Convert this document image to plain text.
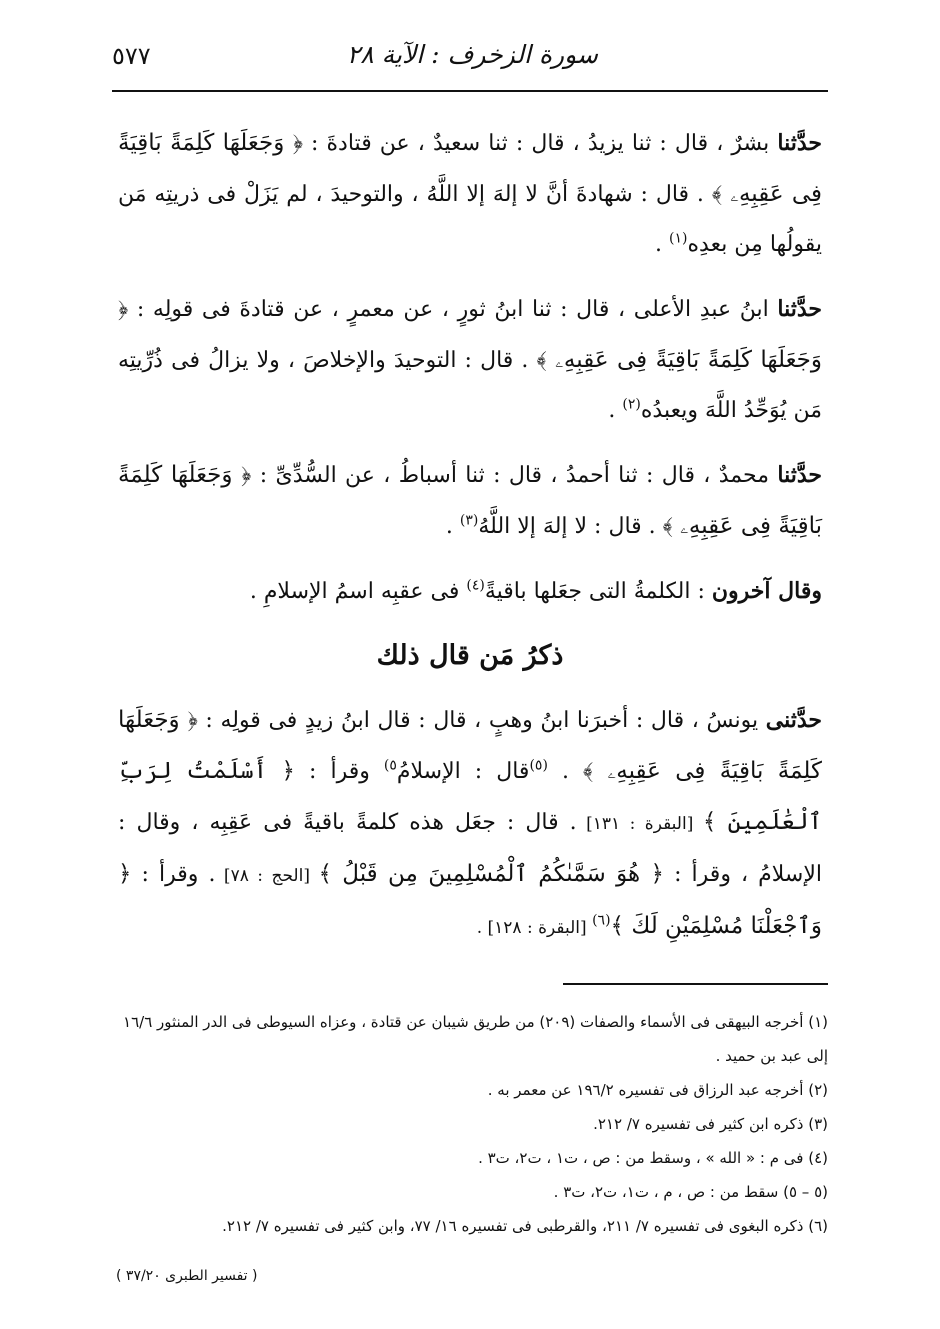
سورة الزخرف : الآية ٢٨
٥٧٧

حدَّثنا بشرٌ ، قال : ثنا يزيدُ ، قال : ثنا سعيدٌ ، عن قتادةَ : ﴿ وَجَعَلَهَا كَلِمَةً بَاقِيَةً فِى عَقِبِهِۦ ﴾ . قال : شهادةَ أنَّ لا إلهَ إلا اللَّهُ ، والتوحيدَ ، لم يَزَلْ فى ذريتِه مَن يقولُها مِن بعدِه$^{(١)}$ .

حدَّثنا ابنُ عبدِ الأعلى ، قال : ثنا ابنُ ثورٍ ، عن معمرٍ ، عن قتادةَ فى قولِه : ﴿ وَجَعَلَهَا كَلِمَةً بَاقِيَةً فِى عَقِبِهِۦ ﴾ . قال : التوحيدَ والإخلاصَ ، ولا يزالُ فى ذُرِّيتِه مَن يُوَحِّدُ اللَّهَ ويعبدُه$^{(٢)}$ .

حدَّثنا محمدٌ ، قال : ثنا أحمدُ ، قال : ثنا أسباطُ ، عن السُّدِّىِّ : ﴿ وَجَعَلَهَا كَلِمَةً بَاقِيَةً فِى عَقِبِهِۦ ﴾ . قال : لا إلهَ إلا اللَّهُ$^{(٣)}$ .

وقال آخرون : الكلمةُ التى جعَلها باقيةً$^{(٤)}$ فى عقبِه اسمُ الإسلامِ .

ذكرُ مَن قال ذلك

حدَّثنى يونسُ ، قال : أخبرَنا ابنُ وهبٍ ، قال : قال ابنُ زيدٍ فى قولِه : ﴿ وَجَعَلَهَا كَلِمَةً بَاقِيَةً فِى عَقِبِهِۦ ﴾ . $^{(٥)}$قال : الإسلامُ$^{٥)}$ وقرأ : ﴿ أَسْلَمْتُ لِرَبِّ ٱلْعَٰلَمِينَ ﴾ [البقرة : ١٣١] . قال : جعَل هذه كلمةً باقيةً فى عَقِبِه ، وقال : الإسلامُ ، وقرأ : ﴿ هُوَ سَمَّىٰكُمُ ٱلْمُسْلِمِينَ مِن قَبْلُ ﴾ [الحج : ٧٨] . وقرأ : ﴿ وَٱجْعَلْنَا مُسْلِمَيْنِ لَكَ ﴾$^{(٦)}$ [البقرة : ١٢٨] .

(١) أخرجه البيهقى فى الأسماء والصفات (٢٠٩) من طريق شيبان عن قتادة ، وعزاه السيوطى فى الدر المنثور ١٦/٦ إلى عبد بن حميد .

(٢) أخرجه عبد الرزاق فى تفسيره ١٩٦/٢ عن معمر به .

(٣) ذكره ابن كثير فى تفسيره ٧/ ٢١٢.

(٤) فى م : « الله » ، وسقط من : ص ، ت١ ، ت٢، ت٣ .

(٥ – ٥) سقط من : ص ، م ، ت١، ت٢، ت٣ .

(٦) ذكره البغوى فى تفسيره ٧/ ٢١١، والقرطبى فى تفسيره ١٦/ ٧٧، وابن كثير فى تفسيره ٧/ ٢١٢.

( تفسير الطبرى ٣٧/٢٠ )
